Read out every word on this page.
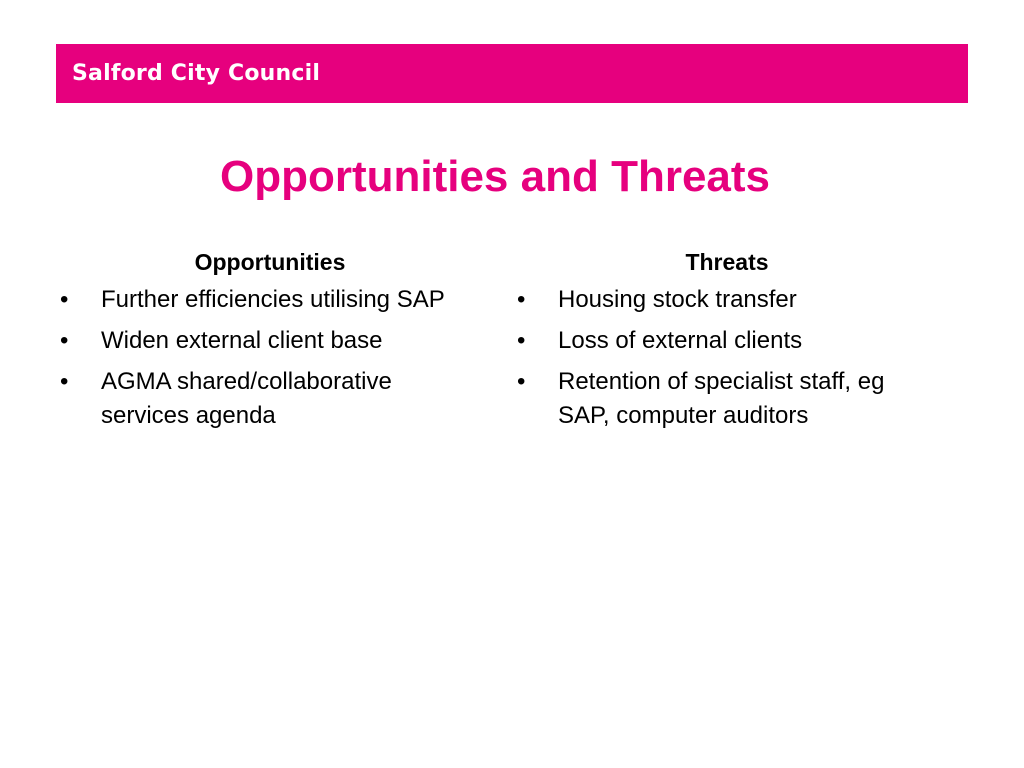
Salford City Council
Opportunities and Threats
Opportunities
•	Further efficiencies utilising SAP
•	Widen external client base
•	AGMA shared/collaborative services agenda
Threats
•	Housing stock transfer
•	Loss of external clients
•	Retention of specialist staff, eg SAP, computer auditors
